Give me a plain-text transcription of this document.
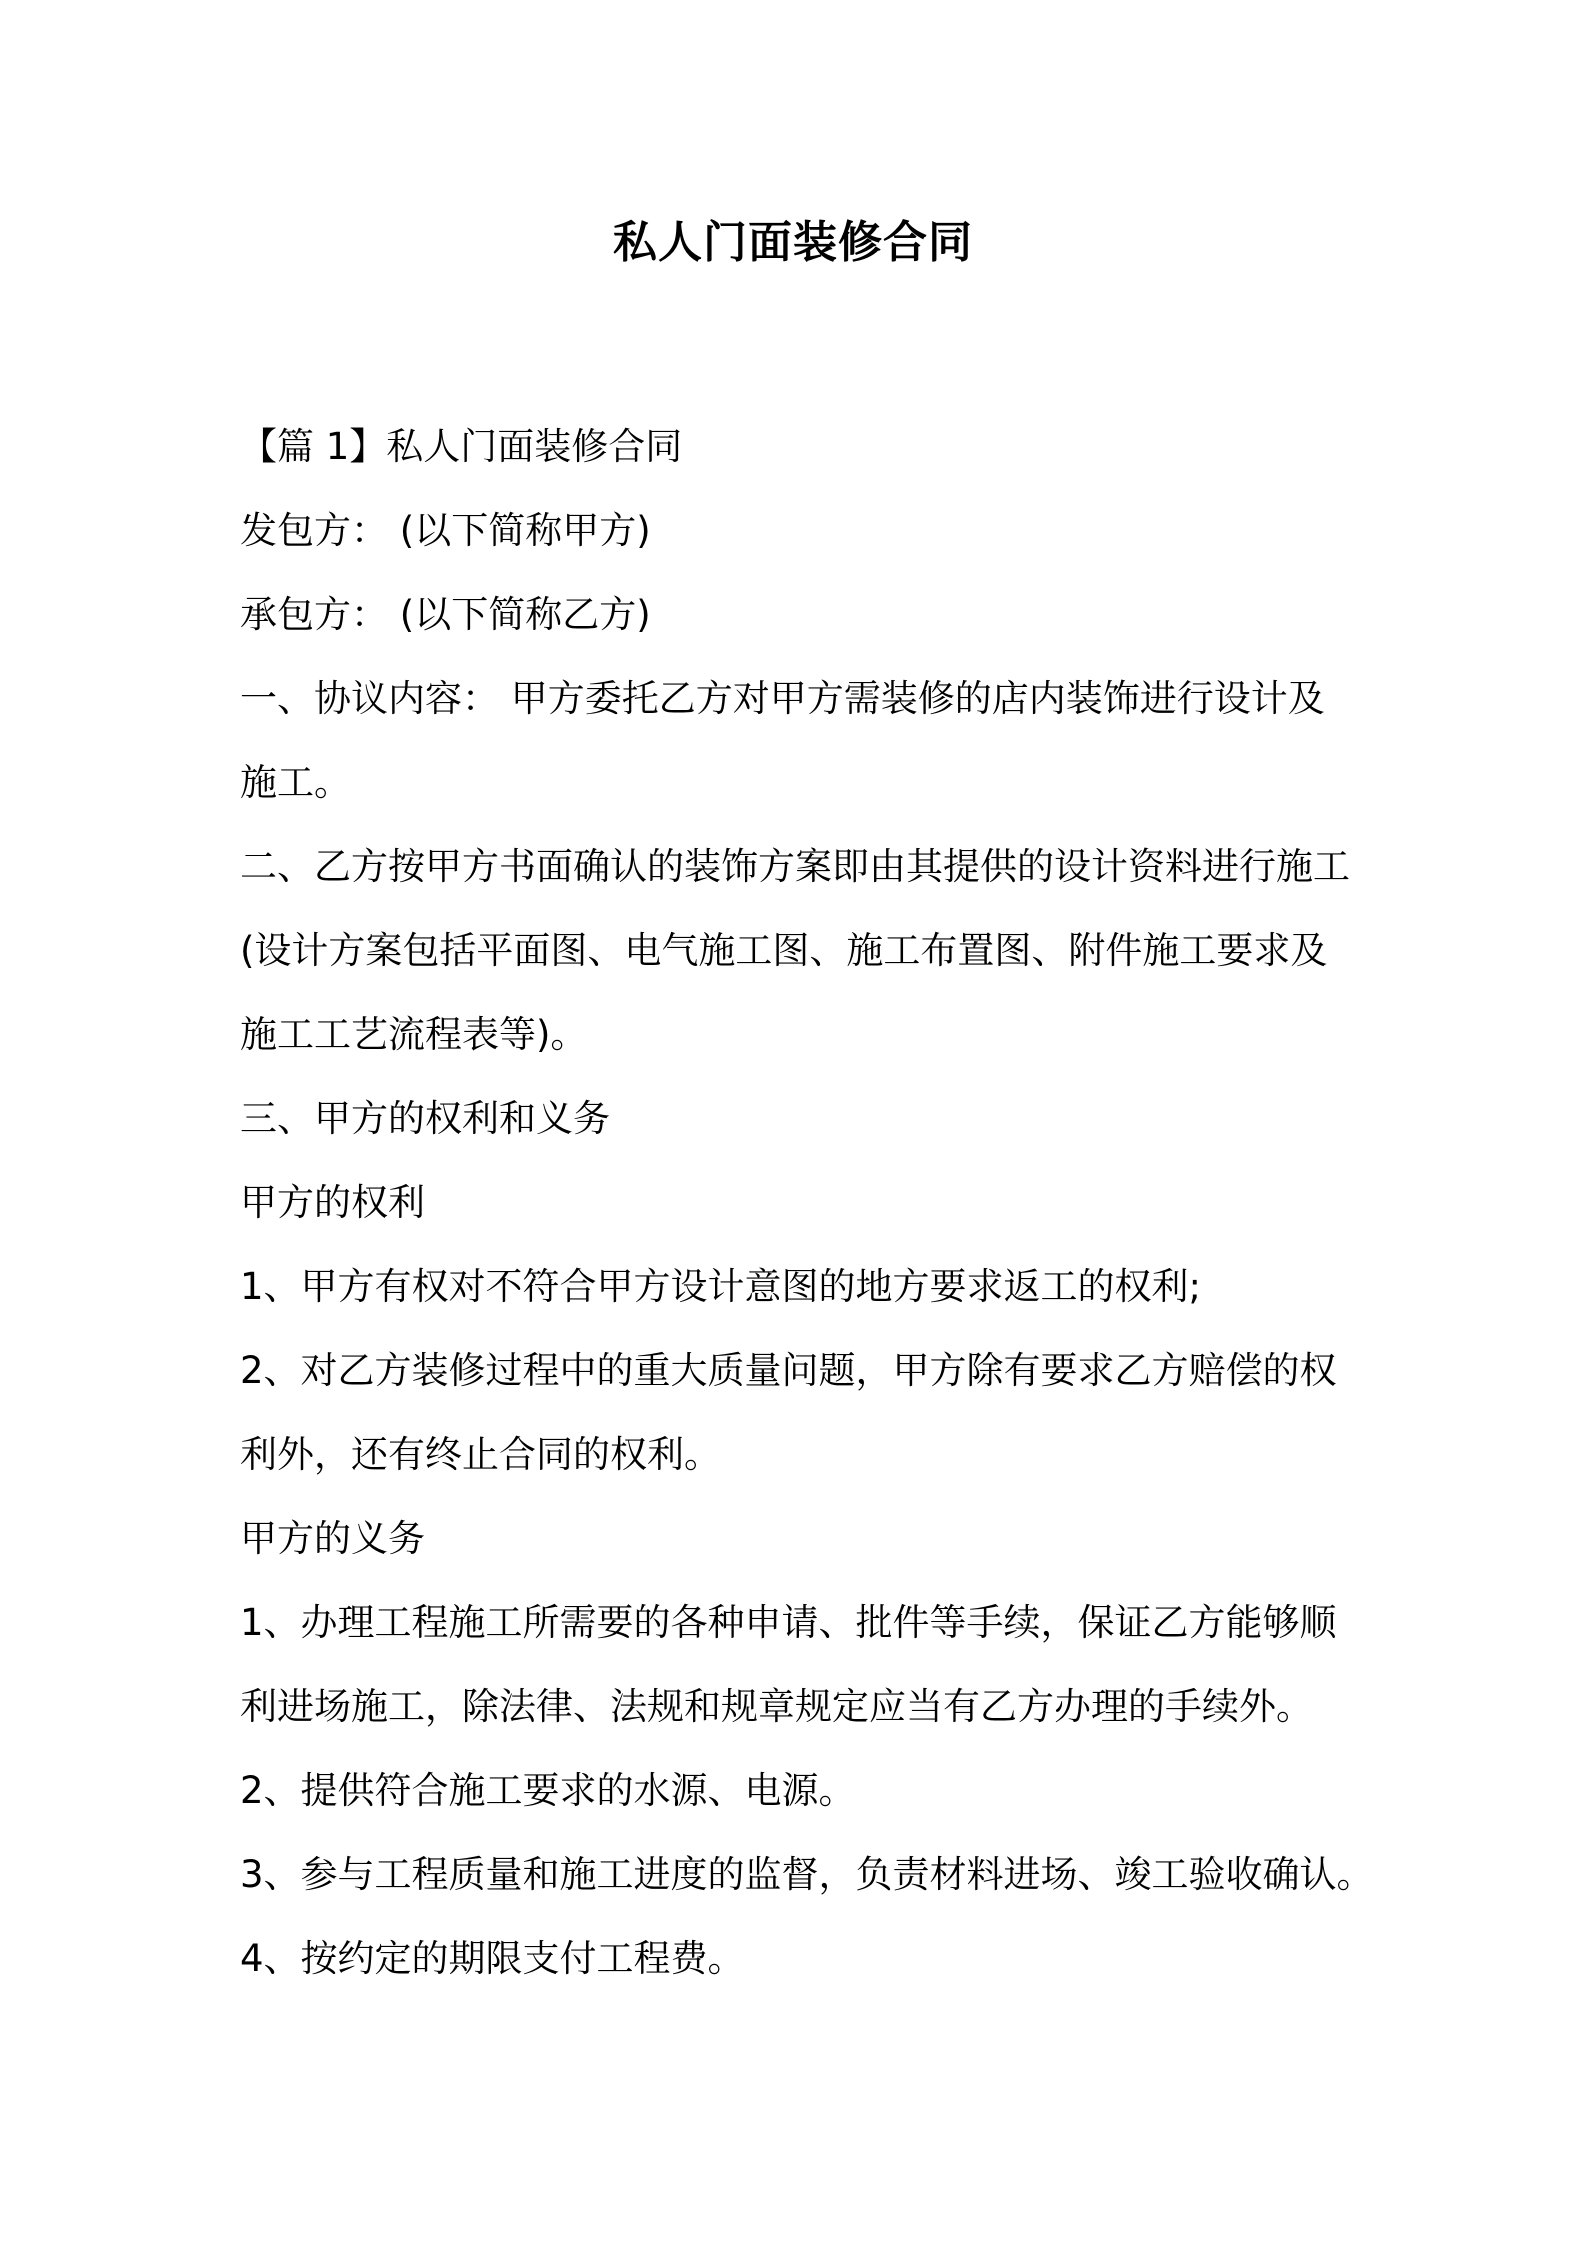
私人门面装修合同

【篇 1】私人门面装修合同

发包方： (以下简称甲方)

承包方： (以下简称乙方)

一、协议内容： 甲方委托乙方对甲方需装修的店内装饰进行设计及

施工。

二、乙方按甲方书面确认的装饰方案即由其提供的设计资料进行施工

(设计方案包括平面图、电气施工图、施工布置图、附件施工要求及

施工工艺流程表等)。

三、甲方的权利和义务

甲方的权利

1、甲方有权对不符合甲方设计意图的地方要求返工的权利;

2、对乙方装修过程中的重大质量问题，甲方除有要求乙方赔偿的权

利外，还有终止合同的权利。

甲方的义务

1、办理工程施工所需要的各种申请、批件等手续，保证乙方能够顺

利进场施工，除法律、法规和规章规定应当有乙方办理的手续外。

2、提供符合施工要求的水源、电源。

3、参与工程质量和施工进度的监督，负责材料进场、竣工验收确认。

4、按约定的期限支付工程费。
